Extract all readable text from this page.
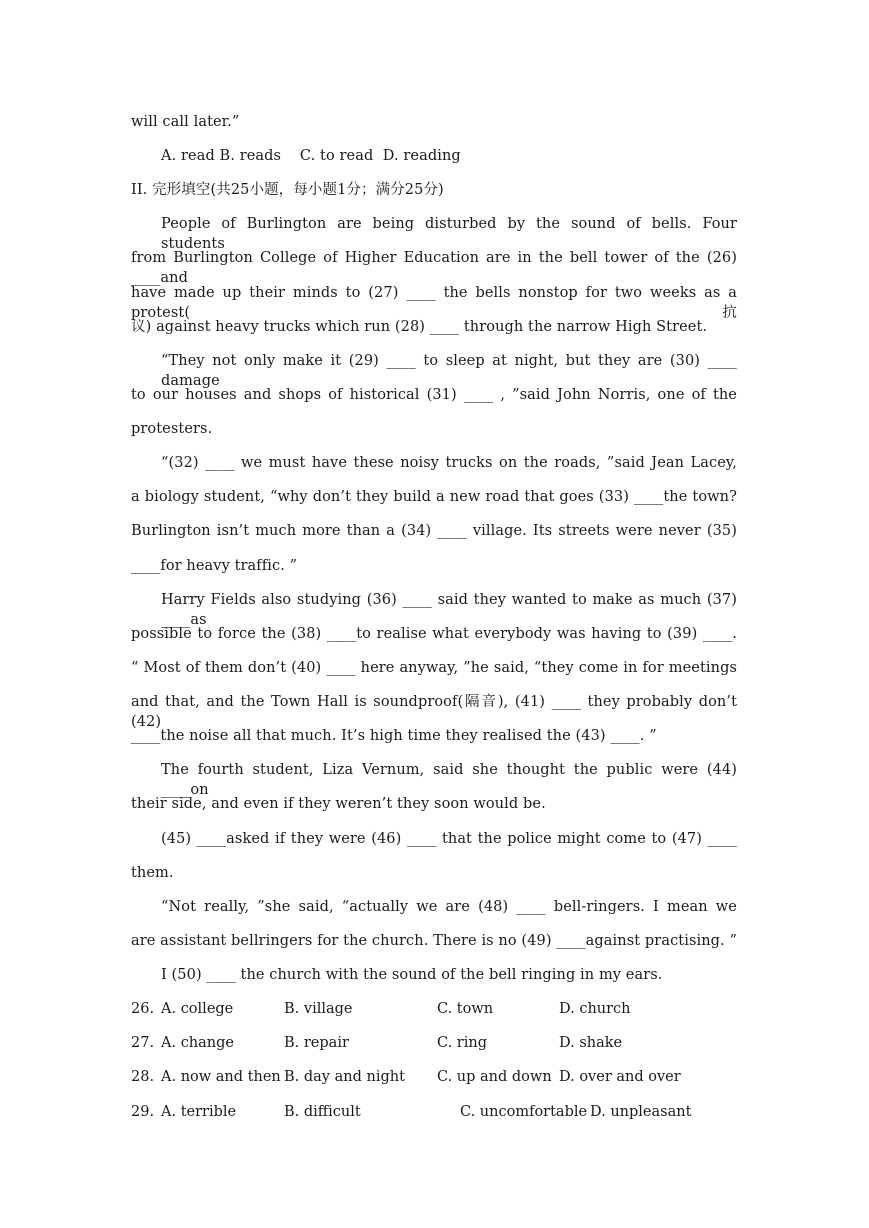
will call later.”
A. read B. reads    C. to read  D. reading
II. 完形填空(共25小题，每小题1分；满分25分)
People of Burlington are being disturbed by the sound of bells. Four students
from Burlington College of Higher Education are in the bell tower of the (26) ____and
have made up their minds to (27) ____ the bells nonstop for two weeks as a protest(抗
议) against heavy trucks which run (28) ____ through the narrow High Street.
“They not only make it (29) ____ to sleep at night, but they are (30) ____ damage
to our houses and shops of historical (31) ____ , ”said John Norris, one of the
protesters.
“(32) ____ we must have these noisy trucks on the roads, ”said Jean Lacey,
a biology student, “why don’t they build a new road that goes (33) ____the town?
Burlington isn’t much more than a (34) ____ village. Its streets were never (35)
____for heavy traffic. ”
Harry Fields also studying (36) ____ said they wanted to make as much (37) ____as
possible to force the (38) ____to realise what everybody was having to (39) ____.
“ Most of them don’t (40) ____ here anyway, ”he said, “they come in for meetings
and that, and the Town Hall is soundproof(隔音), (41) ____ they probably don’t (42)
____the noise all that much. It’s high time they realised the (43) ____. ”
The fourth student, Liza Vernum, said she thought the public were (44) ____on
their side, and even if they weren’t they soon would be.
(45) ____asked if they were (46) ____ that the police might come to (47) ____
them.
“Not really, ”she said, “actually we are (48) ____ bell-ringers. I mean we
are assistant bellringers for the church. There is no (49) ____against practising. ”
I (50) ____ the church with the sound of the bell ringing in my ears.
26. A. college	B. village	C. town	D. church
27. A. change	B. repair	C. ring	D. shake
28. A. now and then B. day and night C. up and down D. over and over
29. A. terrible	B. difficult	C. uncomfortable D. unpleasant
